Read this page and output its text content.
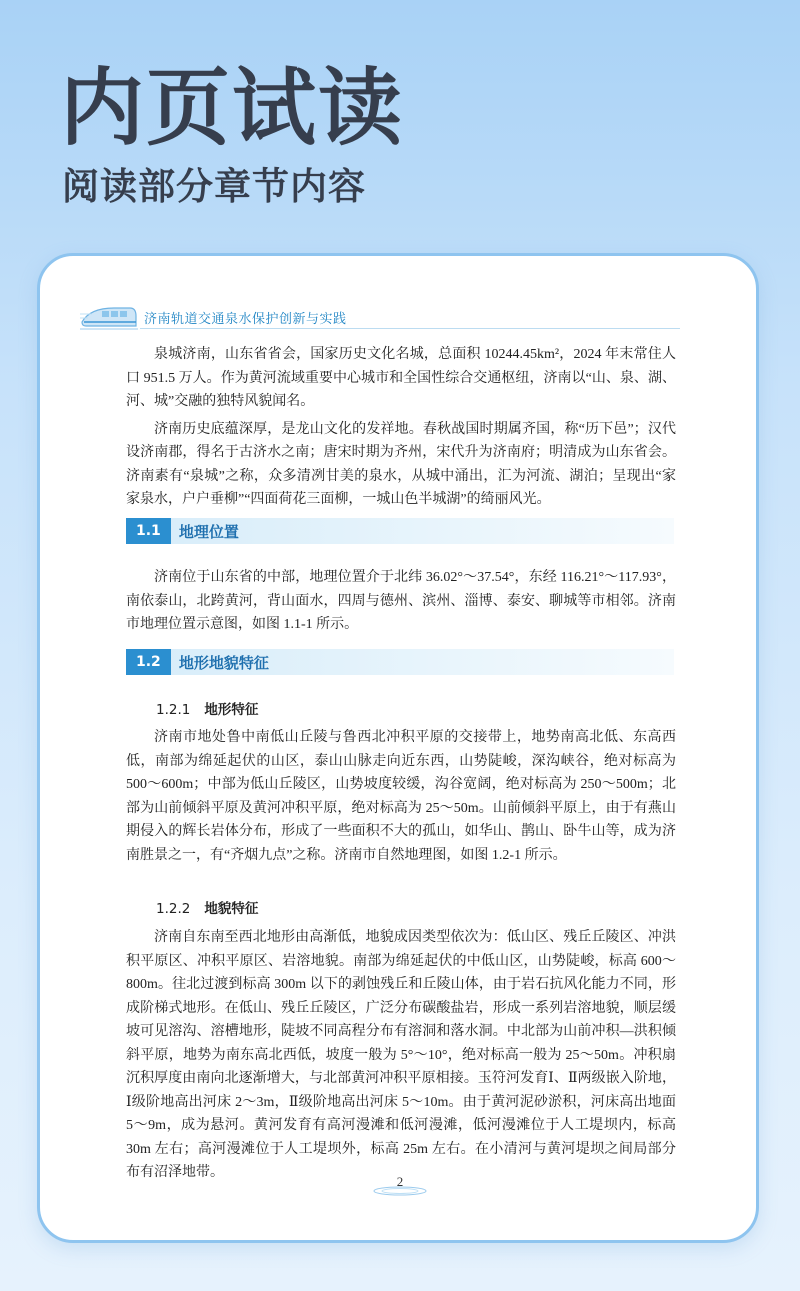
内页试读
阅读部分章节内容
济南轨道交通泉水保护创新与实践

泉城济南，山东省省会，国家历史文化名城，总面积 10244.45km²，2024 年末常住人口 951.5 万人。作为黄河流域重要中心城市和全国性综合交通枢纽，济南以“山、泉、湖、河、城”交融的独特风貌闻名。

济南历史底蕴深厚，是龙山文化的发祥地。春秋战国时期属齐国，称“历下邑”；汉代设济南郡，得名于古济水之南；唐宋时期为齐州，宋代升为济南府；明清成为山东省会。济南素有“泉城”之称，众多清冽甘美的泉水，从城中涌出，汇为河流、湖泊；呈现出“家家泉水，户户垂柳”“四面荷花三面柳，一城山色半城湖”的绮丽风光。

1.1	地理位置

济南位于山东省的中部，地理位置介于北纬 36.02°～37.54°，东经 116.21°～117.93°，南依泰山，北跨黄河，背山面水，四周与德州、滨州、淄博、泰安、聊城等市相邻。济南市地理位置示意图，如图 1.1-1 所示。

1.2	地形地貌特征
1.2.1 地形特征

济南市地处鲁中南低山丘陵与鲁西北冲积平原的交接带上，地势南高北低、东高西低，南部为绵延起伏的山区，泰山山脉走向近东西，山势陡峻，深沟峡谷，绝对标高为 500～600m；中部为低山丘陵区，山势坡度较缓，沟谷宽阔，绝对标高为 250～500m；北部为山前倾斜平原及黄河冲积平原，绝对标高为 25～50m。山前倾斜平原上，由于有燕山期侵入的辉长岩体分布，形成了一些面积不大的孤山，如华山、鹊山、卧牛山等，成为济南胜景之一，有“齐烟九点”之称。济南市自然地理图，如图 1.2-1 所示。

1.2.2 地貌特征

济南自东南至西北地形由高渐低，地貌成因类型依次为：低山区、残丘丘陵区、冲洪积平原区、冲积平原区、岩溶地貌。南部为绵延起伏的中低山区，山势陡峻，标高 600～800m。往北过渡到标高 300m 以下的剥蚀残丘和丘陵山体，由于岩石抗风化能力不同，形成阶梯式地形。在低山、残丘丘陵区，广泛分布碳酸盐岩，形成一系列岩溶地貌，顺层缓坡可见溶沟、溶槽地形，陡坡不同高程分布有溶洞和落水洞。中北部为山前冲积—洪积倾斜平原，地势为南东高北西低，坡度一般为 5°～10°，绝对标高一般为 25～50m。冲积扇沉积厚度由南向北逐渐增大，与北部黄河冲积平原相接。玉符河发育Ⅰ、Ⅱ两级嵌入阶地，Ⅰ级阶地高出河床 2～3m，Ⅱ级阶地高出河床 5～10m。由于黄河泥砂淤积，河床高出地面 5～9m，成为悬河。黄河发育有高河漫滩和低河漫滩，低河漫滩位于人工堤坝内，标高 30m 左右；高河漫滩位于人工堤坝外，标高 25m 左右。在小清河与黄河堤坝之间局部分布有沼泽地带。

2
